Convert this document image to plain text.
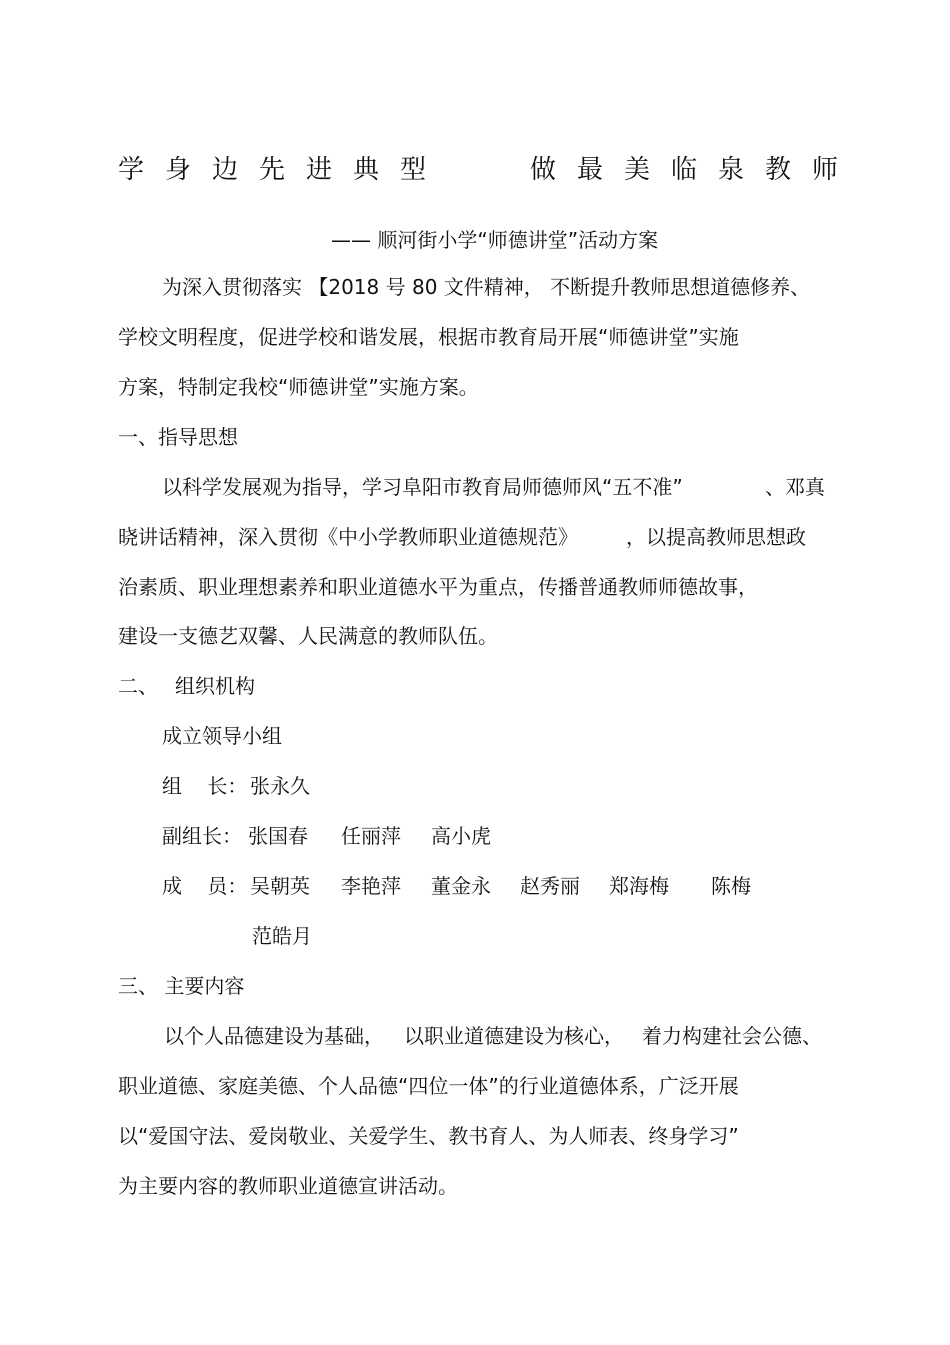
学身边先进典型	做最美临泉教师
—— 顺河街小学“师德讲堂”活动方案
为深入贯彻落实 【2018 号 80 文件精神， 不断提升教师思想道德修养、
学校文明程度，促进学校和谐发展，根据市教育局开展“师德讲堂”实施
方案，特制定我校“师德讲堂”实施方案。
一、指导思想
以科学发展观为指导，学习阜阳市教育局师德师风“五不准”	、邓真
晓讲话精神，深入贯彻《中小学教师职业道德规范》 ，以提高教师思想政
治素质、职业理想素养和职业道德水平为重点，传播普通教师师德故事，
建设一支德艺双馨、人民满意的教师队伍。
二、 组织机构
成立领导小组
组    长： 张永久
副组长： 张国春 任丽萍 高小虎
成    员： 吴朝英 李艳萍 董金永 赵秀丽 郑海梅 陈梅
范皓月
三、 主要内容
以个人品德建设为基础， 以职业道德建设为核心， 着力构建社会公德、
职业道德、家庭美德、个人品德“四位一体”的行业道德体系，广泛开展
以“爱国守法、爱岗敬业、关爱学生、教书育人、为人师表、终身学习”
为主要内容的教师职业道德宣讲活动。
